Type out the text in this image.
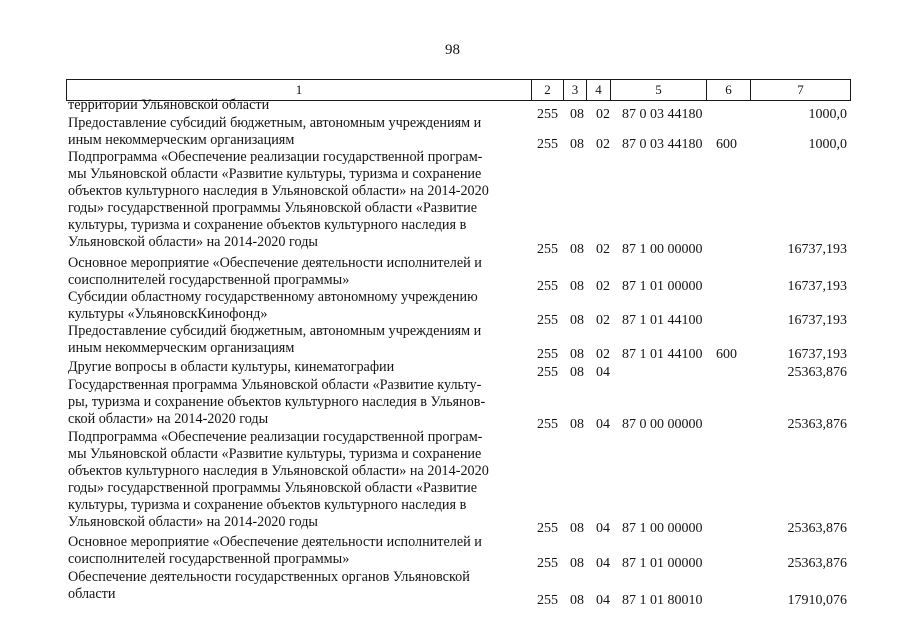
98
1	2	3	4	5	6	7
территории Ульяновской области
255 08 02 87 0 03 44180	1000,0
Предоставление субсидий бюджетным, автономным учреждениям и
иным некоммерческим организациям	255 08 02 87 0 03 44180 600	1000,0
Подпрограмма «Обеспечение реализации государственной програм-
мы Ульяновской области «Развитие культуры, туризма и сохранение
объектов культурного наследия в Ульяновской области» на 2014-2020
годы» государственной программы Ульяновской области «Развитие
культуры, туризма и сохранение объектов культурного наследия в
Ульяновской области» на 2014-2020 годы	255 08 02 87 1 00 00000	16737,193
Основное мероприятие «Обеспечение деятельности исполнителей и
соисполнителей государственной программы»	255 08 02 87 1 01 00000	16737,193
Субсидии областному государственному автономному учреждению
культуры «УльяновскКинофонд»	255 08 02 87 1 01 44100	16737,193
Предоставление субсидий бюджетным, автономным учреждениям и
иным некоммерческим организациям	255 08 02 87 1 01 44100 600	16737,193
Другие вопросы в области культуры, кинематографии	255 08 04	25363,876
Государственная программа Ульяновской области «Развитие культу-
ры, туризма и сохранение объектов культурного наследия в Ульянов-
ской области» на 2014-2020 годы	255 08 04 87 0 00 00000	25363,876
Подпрограмма «Обеспечение реализации государственной програм-
мы Ульяновской области «Развитие культуры, туризма и сохранение
объектов культурного наследия в Ульяновской области» на 2014-2020
годы» государственной программы Ульяновской области «Развитие
культуры, туризма и сохранение объектов культурного наследия в
Ульяновской области» на 2014-2020 годы	255 08 04 87 1 00 00000	25363,876
Основное мероприятие «Обеспечение деятельности исполнителей и
соисполнителей государственной программы»	255 08 04 87 1 01 00000	25363,876
Обеспечение деятельности государственных органов Ульяновской
области	255 08 04 87 1 01 80010	17910,076
